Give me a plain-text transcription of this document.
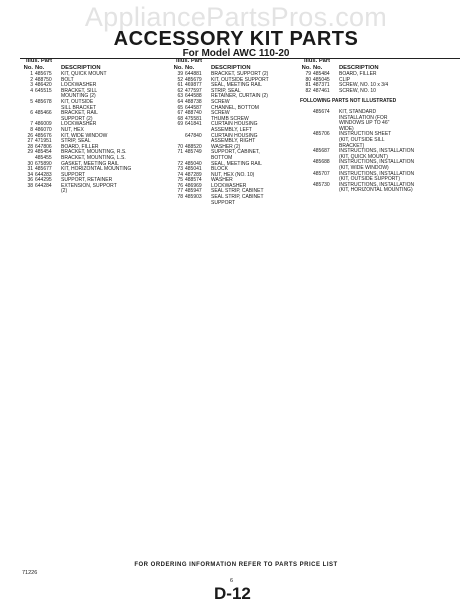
AppliancePartsPros.com
ACCESSORY KIT PARTS
For Model AWC 110-20
Illus. Part
No. No.	DESCRIPTION
1 485675	KIT, QUICK MOUNT
2 488750	BOLT
3 486420	LOCKWASHER
4 645515	BRACKET, SILL
MOUNTING (2)
5 485678	KIT, OUTSIDE
SILL BRACKET
6 485466	BRACKET, RAIL
SUPPORT (2)
7 486009	LOCKWASHER
8 486070	NUT, HEX
26 485676	KIT, WIDE WINDOW
27 471951	STRIP, SEAL
28 647806	BOARD, FILLER
29 485454	BRACKET, MOUNTING, R.S.
485455	BRACKET, MOUNTING, L.S.
30 675890	GASKET, MEETING RAIL
31 485677	KIT, HORIZONTAL MOUNTING
34 644283	SUPPORT
36 644295	SUPPORT, RETAINER
38 644284	EXTENSION, SUPPORT
(2)
Illus. Part
No. No.	DESCRIPTION
39 644881	BRACKET, SUPPORT (2)
52 485679	KIT, OUTSIDE SUPPORT
61 469877	SEAL, MEETING RAIL
62 477597	STRIP, SEAL
63 644588	RETAINER, CURTAIN (2)
64 488738	SCREW
65 644587	CHANNEL, BOTTOM
67 488740	SCREW
68 475581	THUMB SCREW
69 641841	CURTAIN HOUSING
ASSEMBLY, LEFT
647840	CURTAIN HOUSING
ASSEMBLY, RIGHT
70 488520	WASHER (2)
71 485749	SUPPORT, CABINET,
BOTTOM
72 485040	SEAL, MEETING RAIL
73 485041	BLOCK
74 487289	NUT, HEX (NO. 10)
75 488574	WASHER
76 486969	LOCKWASHER
77 485947	SEAL STRIP, CABINET
78 485903	SEAL STRIP, CABINET
SUPPORT
Illus. Part
No. No.	DESCRIPTION
79 485484	BOARD, FILLER
80 485045	CLIP
81 487371	SCREW, NO. 10 x 3/4
82 487461	SCREW, NO. 10
FOLLOWING PARTS NOT ILLUSTRATED
485674	KIT, STANDARD
INSTALLATION (FOR
WINDOWS UP TO 46"
WIDE)
485706	INSTRUCTION SHEET
(KIT, OUTSIDE SILL
BRACKET)
485687	INSTRUCTIONS, INSTALLATION
(KIT, QUICK MOUNT)
485688	INSTRUCTIONS, INSTALLATION
(KIT, WIDE WINDOW)
485707	INSTRUCTIONS, INSTALLATION
(KIT, OUTSIDE SUPPORT)
485730	INSTRUCTIONS, INSTALLATION
(KIT, HORIZONTAL MOUNTING)
FOR ORDERING INFORMATION REFER TO PARTS PRICE LIST
71226
6
D-12
